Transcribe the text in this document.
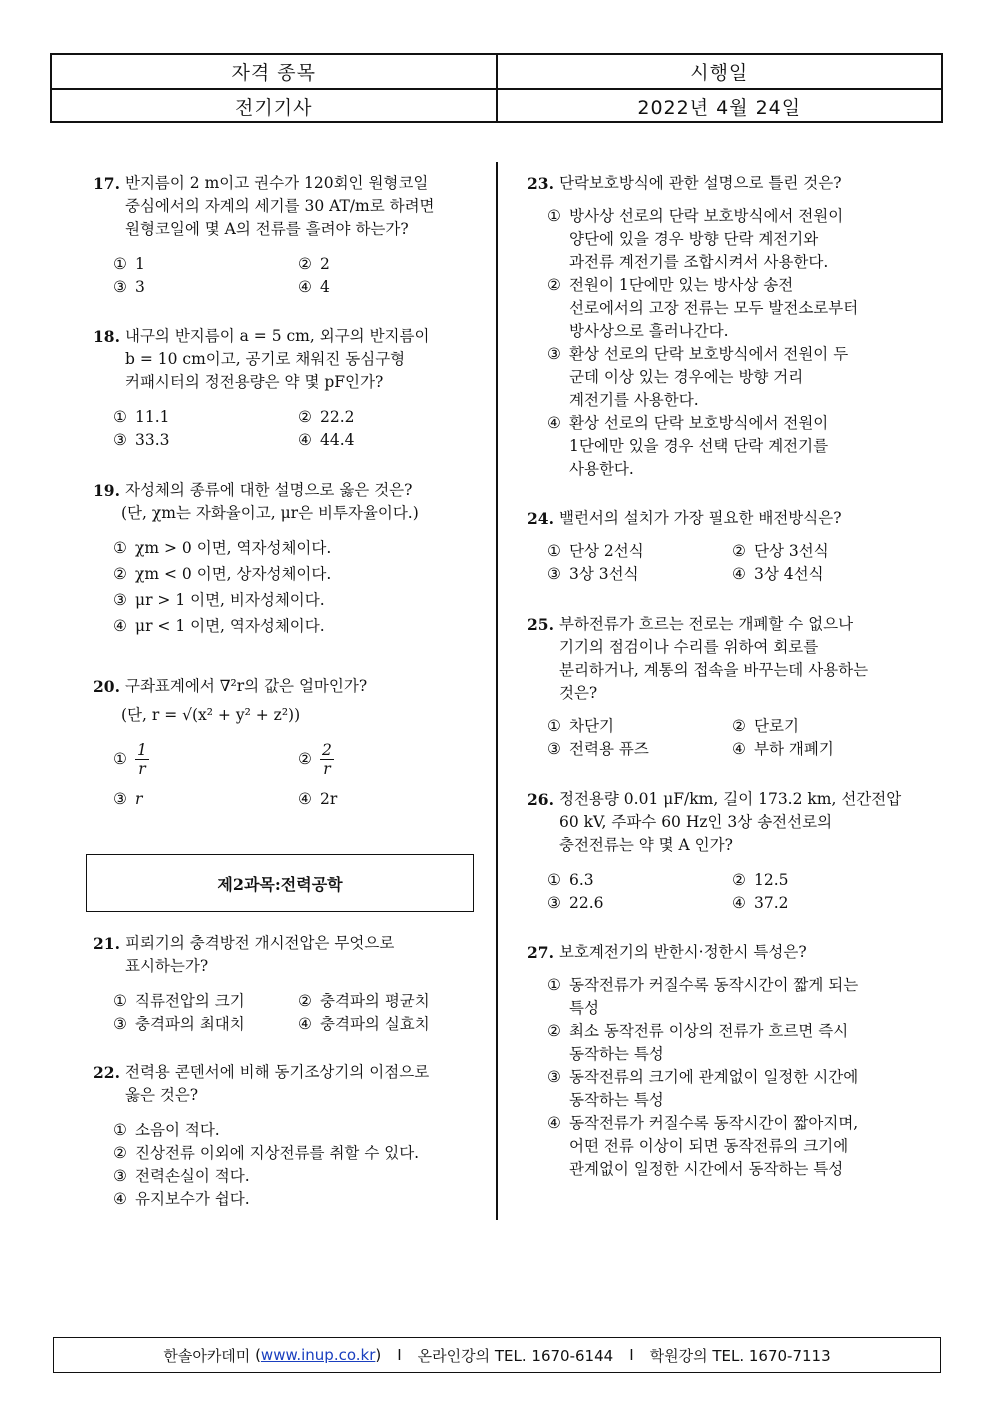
자격 종목	시행일
전기기사	2022년 4월 24일
17. 반지름이 2 m이고 권수가 120회인 원형코일
중심에서의 자계의 세기를 30 AT/m로 하려면
원형코일에 몇 A의 전류를 흘려야 하는가?
① 1	② 2
③ 3	④ 4
18. 내구의 반지름이 a = 5 cm, 외구의 반지름이
b = 10 cm이고, 공기로 채워진 동심구형
커패시터의 정전용량은 약 몇 pF인가?
① 11.1	② 22.2
③ 33.3	④ 44.4
19. 자성체의 종류에 대한 설명으로 옳은 것은?
(단, χm는 자화율이고, μr은 비투자율이다.)
① χm > 0 이면, 역자성체이다.
② χm < 0 이면, 상자성체이다.
③ μr > 1 이면, 비자성체이다.
④ μr < 1 이면, 역자성체이다.
20. 구좌표계에서 ∇²r의 값은 얼마인가?
(단, r = √(x² + y² + z²))
① $\frac{1}{r}$	② $\frac{2}{r}$
③ r	④ 2r
21. 피뢰기의 충격방전 개시전압은 무엇으로
표시하는가?
① 직류전압의 크기	② 충격파의 평균치
③ 충격파의 최대치	④ 충격파의 실효치
22. 전력용 콘덴서에 비해 동기조상기의 이점으로
옳은 것은?
① 소음이 적다.
② 진상전류 이외에 지상전류를 취할 수 있다.
③ 전력손실이 적다.
④ 유지보수가 쉽다.
제2과목:전력공학
23. 단락보호방식에 관한 설명으로 틀린 것은?
① 방사상 선로의 단락 보호방식에서 전원이
양단에 있을 경우 방향 단락 계전기와
과전류 계전기를 조합시켜서 사용한다.
② 전원이 1단에만 있는 방사상 송전
선로에서의 고장 전류는 모두 발전소로부터
방사상으로 흘러나간다.
③ 환상 선로의 단락 보호방식에서 전원이 두
군데 이상 있는 경우에는 방향 거리
계전기를 사용한다.
④ 환상 선로의 단락 보호방식에서 전원이
1단에만 있을 경우 선택 단락 계전기를
사용한다.
24. 밸런서의 설치가 가장 필요한 배전방식은?
① 단상 2선식	② 단상 3선식
③ 3상 3선식	④ 3상 4선식
25. 부하전류가 흐르는 전로는 개폐할 수 없으나
기기의 점검이나 수리를 위하여 회로를
분리하거나, 계통의 접속을 바꾸는데 사용하는
것은?
① 차단기	② 단로기
③ 전력용 퓨즈	④ 부하 개폐기
26. 정전용량 0.01 μF/km, 길이 173.2 km, 선간전압
60 kV, 주파수 60 Hz인 3상 송전선로의
충전전류는 약 몇 A 인가?
① 6.3	② 12.5
③ 22.6	④ 37.2
27. 보호계전기의 반한시·정한시 특성은?
① 동작전류가 커질수록 동작시간이 짧게 되는
특성
② 최소 동작전류 이상의 전류가 흐르면 즉시
동작하는 특성
③ 동작전류의 크기에 관계없이 일정한 시간에
동작하는 특성
④ 동작전류가 커질수록 동작시간이 짧아지며,
어떤 전류 이상이 되면 동작전류의 크기에
관계없이 일정한 시간에서 동작하는 특성
한솔아카데미 ( www.inup.co.kr ) I 온라인강의 TEL. 1670-6144 I 학원강의 TEL. 1670-7113
